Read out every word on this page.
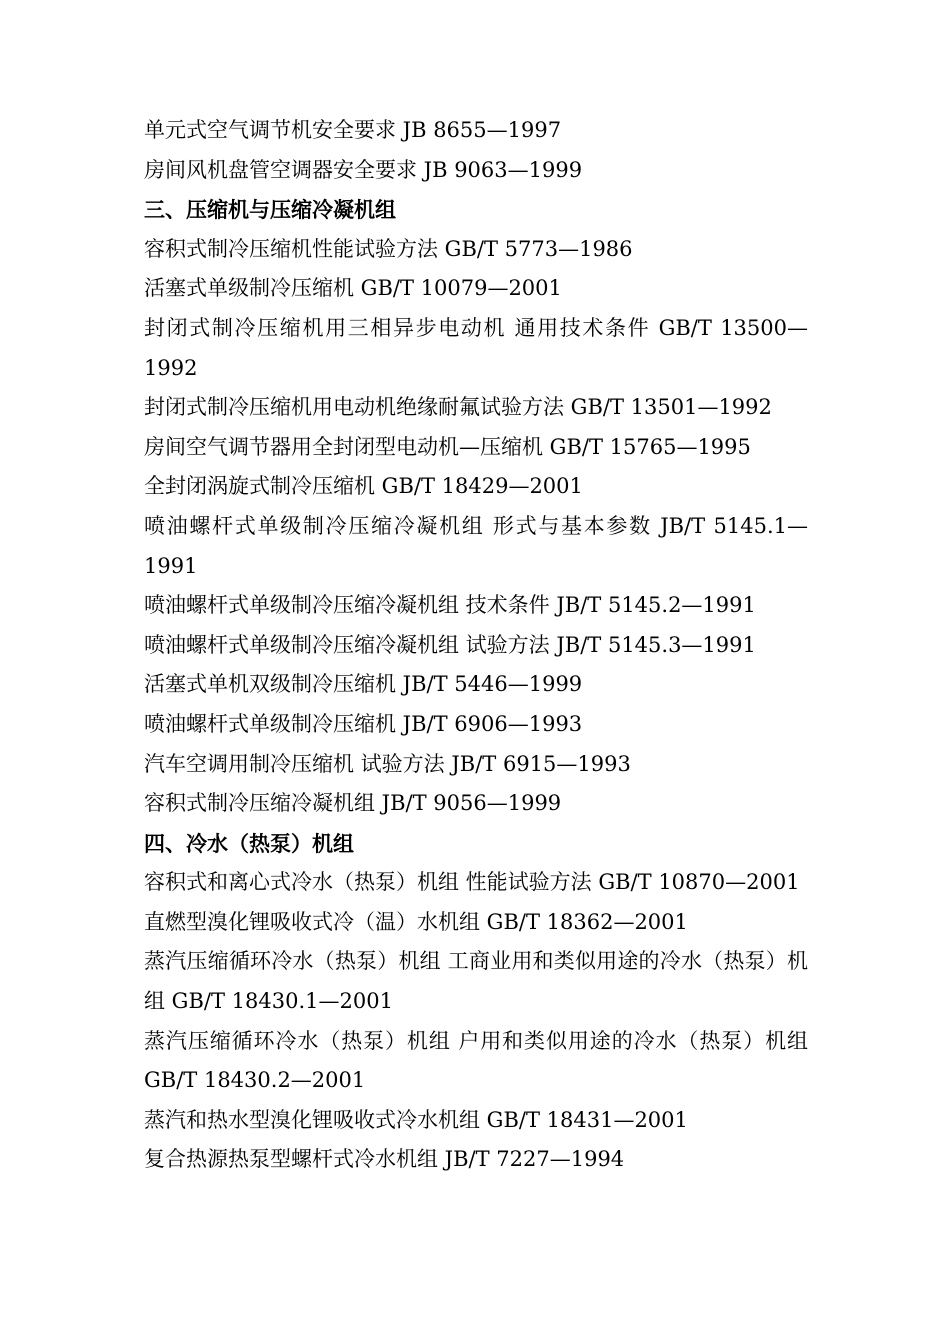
单元式空气调节机安全要求 JB 8655—1997

房间风机盘管空调器安全要求 JB 9063—1999

三、压缩机与压缩冷凝机组

容积式制冷压缩机性能试验方法 GB/T 5773—1986

活塞式单级制冷压缩机 GB/T 10079—2001

封闭式制冷压缩机用三相异步电动机 通用技术条件 GB/T 13500—1992

封闭式制冷压缩机用电动机绝缘耐氟试验方法 GB/T 13501—1992

房间空气调节器用全封闭型电动机—压缩机 GB/T 15765—1995

全封闭涡旋式制冷压缩机 GB/T 18429—2001

喷油螺杆式单级制冷压缩冷凝机组 形式与基本参数 JB/T 5145.1—1991

喷油螺杆式单级制冷压缩冷凝机组 技术条件 JB/T 5145.2—1991

喷油螺杆式单级制冷压缩冷凝机组 试验方法 JB/T 5145.3—1991

活塞式单机双级制冷压缩机 JB/T 5446—1999

喷油螺杆式单级制冷压缩机 JB/T 6906—1993

汽车空调用制冷压缩机 试验方法 JB/T 6915—1993

容积式制冷压缩冷凝机组 JB/T 9056—1999

四、冷水（热泵）机组

容积式和离心式冷水（热泵）机组 性能试验方法 GB/T 10870—2001

直燃型溴化锂吸收式冷（温）水机组 GB/T 18362—2001

蒸汽压缩循环冷水（热泵）机组 工商业用和类似用途的冷水（热泵）机组 GB/T 18430.1—2001

蒸汽压缩循环冷水（热泵）机组 户用和类似用途的冷水（热泵）机组 GB/T 18430.2—2001

蒸汽和热水型溴化锂吸收式冷水机组 GB/T 18431—2001

复合热源热泵型螺杆式冷水机组 JB/T 7227—1994
